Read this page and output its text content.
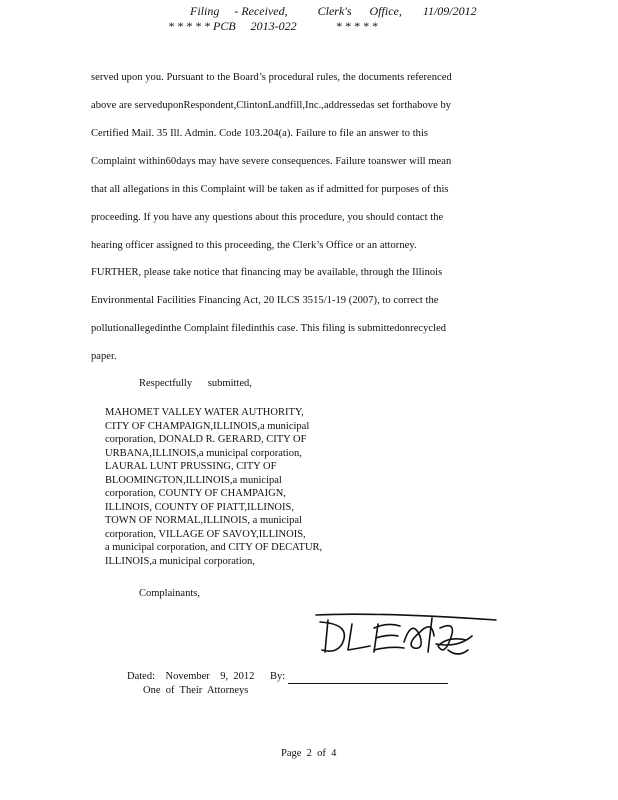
Filing     - Received,          Clerk's      Office,       11/09/2012
* * * * * PCB     2013-022             * * * * *
served upon you. Pursuant to the Board’s procedural rules, the documents referenced
above are serveduponRespondent,ClintonLandfill,Inc.,addressedas set forthabove by
Certified Mail. 35 Ill. Admin. Code 103.204(a). Failure to file an answer to this
Complaint within60days may have severe consequences. Failure toanswer will mean
that all allegations in this Complaint will be taken as if admitted for purposes of this
proceeding. If you have any questions about this procedure, you should contact the
hearing officer assigned to this proceeding, the Clerk’s Office or an attorney.
FURTHER, please take notice that financing may be available, through the Illinois
Environmental Facilities Financing Act, 20 ILCS 3515/1-19 (2007), to correct the
pollutionallegedinthe Complaint filedinthis case. This filing is submittedonrecycled
paper.
Respectfully      submitted,
MAHOMET VALLEY WATER AUTHORITY,
CITY OF CHAMPAIGN,ILLINOIS,a municipal
corporation, DONALD R. GERARD, CITY OF
URBANA,ILLINOIS,a municipal corporation,
LAURAL LUNT PRUSSING, CITY OF
BLOOMINGTON,ILLINOIS,a municipal
corporation, COUNTY OF CHAMPAIGN,
ILLINOIS, COUNTY OF PIATT,ILLINOIS,
TOWN OF NORMAL,ILLINOIS, a municipal
corporation, VILLAGE OF SAVOY,ILLINOIS,
a municipal corporation, and CITY OF DECATUR,
ILLINOIS,a municipal corporation,
Complainants,
Dated:    November    9,  2012 By:
One  of  Their  Attorneys
Page  2  of  4
